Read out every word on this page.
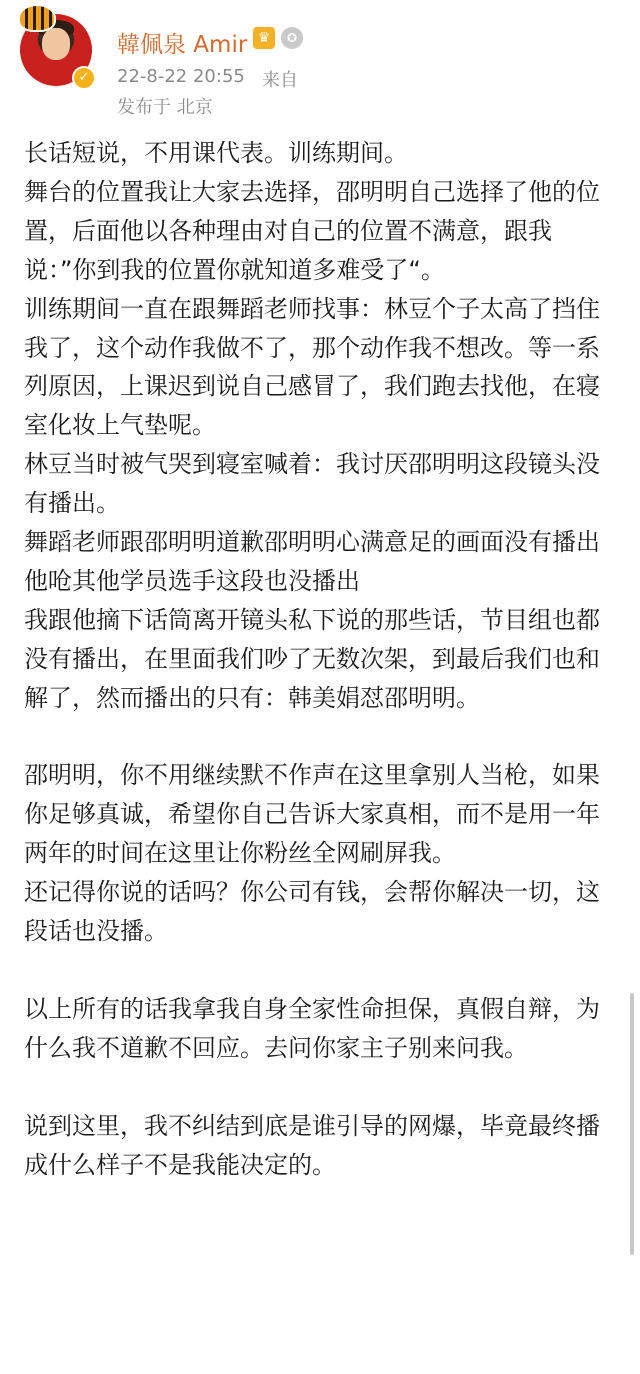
✓
韓佩泉 Amir ♛	✪
22-8-22 20:55 来自
发布于 北京

长话短说，不用课代表。训练期间。

舞台的位置我让大家去选择，邵明明自己选择了他的位置，后面他以各种理由对自己的位置不满意，跟我说：”你到我的位置你就知道多难受了“。

训练期间一直在跟舞蹈老师找事：林豆个子太高了挡住我了，这个动作我做不了，那个动作我不想改。等一系列原因，上课迟到说自己感冒了，我们跑去找他，在寝室化妆上气垫呢。

林豆当时被气哭到寝室喊着：我讨厌邵明明这段镜头没有播出。

舞蹈老师跟邵明明道歉邵明明心满意足的画面没有播出

他呛其他学员选手这段也没播出

我跟他摘下话筒离开镜头私下说的那些话，节目组也都没有播出，在里面我们吵了无数次架，到最后我们也和解了，然而播出的只有：韩美娟怼邵明明。

邵明明，你不用继续默不作声在这里拿别人当枪，如果你足够真诚，希望你自己告诉大家真相，而不是用一年两年的时间在这里让你粉丝全网刷屏我。

还记得你说的话吗？你公司有钱，会帮你解决一切，这段话也没播。

以上所有的话我拿我自身全家性命担保，真假自辩，为什么我不道歉不回应。去问你家主子别来问我。

说到这里，我不纠结到底是谁引导的网爆，毕竟最终播成什么样子不是我能决定的。
